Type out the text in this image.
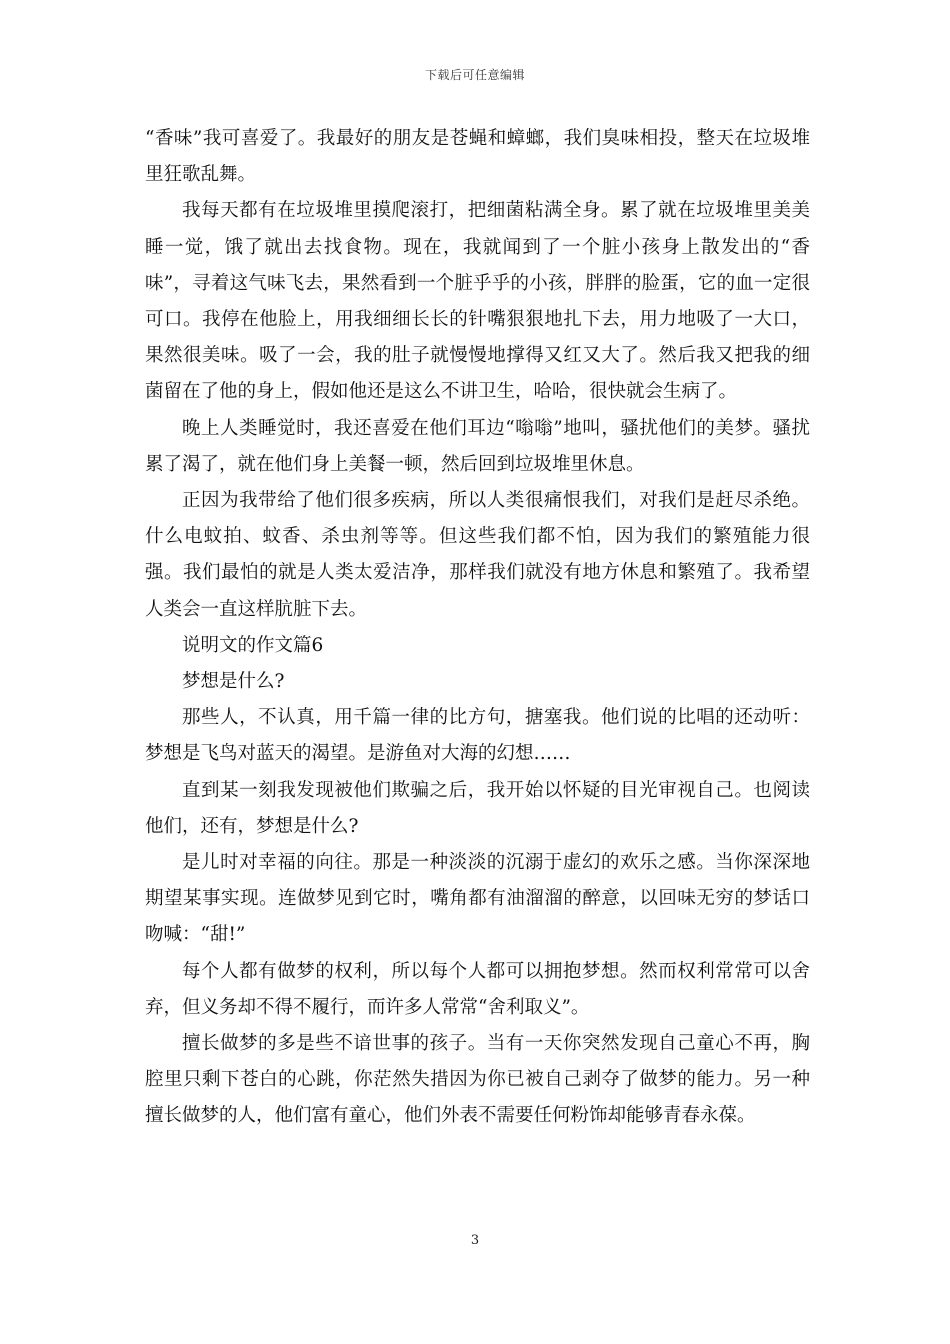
下载后可任意编辑

“香味”我可喜爱了。我最好的朋友是苍蝇和蟑螂，我们臭味相投，整天在垃圾堆里狂歌乱舞。

我每天都有在垃圾堆里摸爬滚打，把细菌粘满全身。累了就在垃圾堆里美美睡一觉，饿了就出去找食物。现在，我就闻到了一个脏小孩身上散发出的“香味”，寻着这气味飞去，果然看到一个脏乎乎的小孩，胖胖的脸蛋，它的血一定很可口。我停在他脸上，用我细细长长的针嘴狠狠地扎下去，用力地吸了一大口，果然很美味。吸了一会，我的肚子就慢慢地撑得又红又大了。然后我又把我的细菌留在了他的身上，假如他还是这么不讲卫生，哈哈，很快就会生病了。

晚上人类睡觉时，我还喜爱在他们耳边“嗡嗡”地叫，骚扰他们的美梦。骚扰累了渴了，就在他们身上美餐一顿，然后回到垃圾堆里休息。

正因为我带给了他们很多疾病，所以人类很痛恨我们，对我们是赶尽杀绝。什么电蚊拍、蚊香、杀虫剂等等。但这些我们都不怕，因为我们的繁殖能力很强。我们最怕的就是人类太爱洁净，那样我们就没有地方休息和繁殖了。我希望人类会一直这样肮脏下去。

说明文的作文篇6

梦想是什么?

那些人，不认真，用千篇一律的比方句，搪塞我。他们说的比唱的还动听：梦想是飞鸟对蓝天的渴望。是游鱼对大海的幻想……

直到某一刻我发现被他们欺骗之后，我开始以怀疑的目光审视自己。也阅读他们，还有，梦想是什么?

是儿时对幸福的向往。那是一种淡淡的沉溺于虚幻的欢乐之感。当你深深地期望某事实现。连做梦见到它时，嘴角都有油溜溜的醉意，以回味无穷的梦话口吻喊：“甜!”

每个人都有做梦的权利，所以每个人都可以拥抱梦想。然而权利常常可以舍弃，但义务却不得不履行，而许多人常常“舍利取义”。

擅长做梦的多是些不谙世事的孩子。当有一天你突然发现自己童心不再，胸腔里只剩下苍白的心跳，你茫然失措因为你已被自己剥夺了做梦的能力。另一种擅长做梦的人，他们富有童心，他们外表不需要任何粉饰却能够青春永葆。

3
